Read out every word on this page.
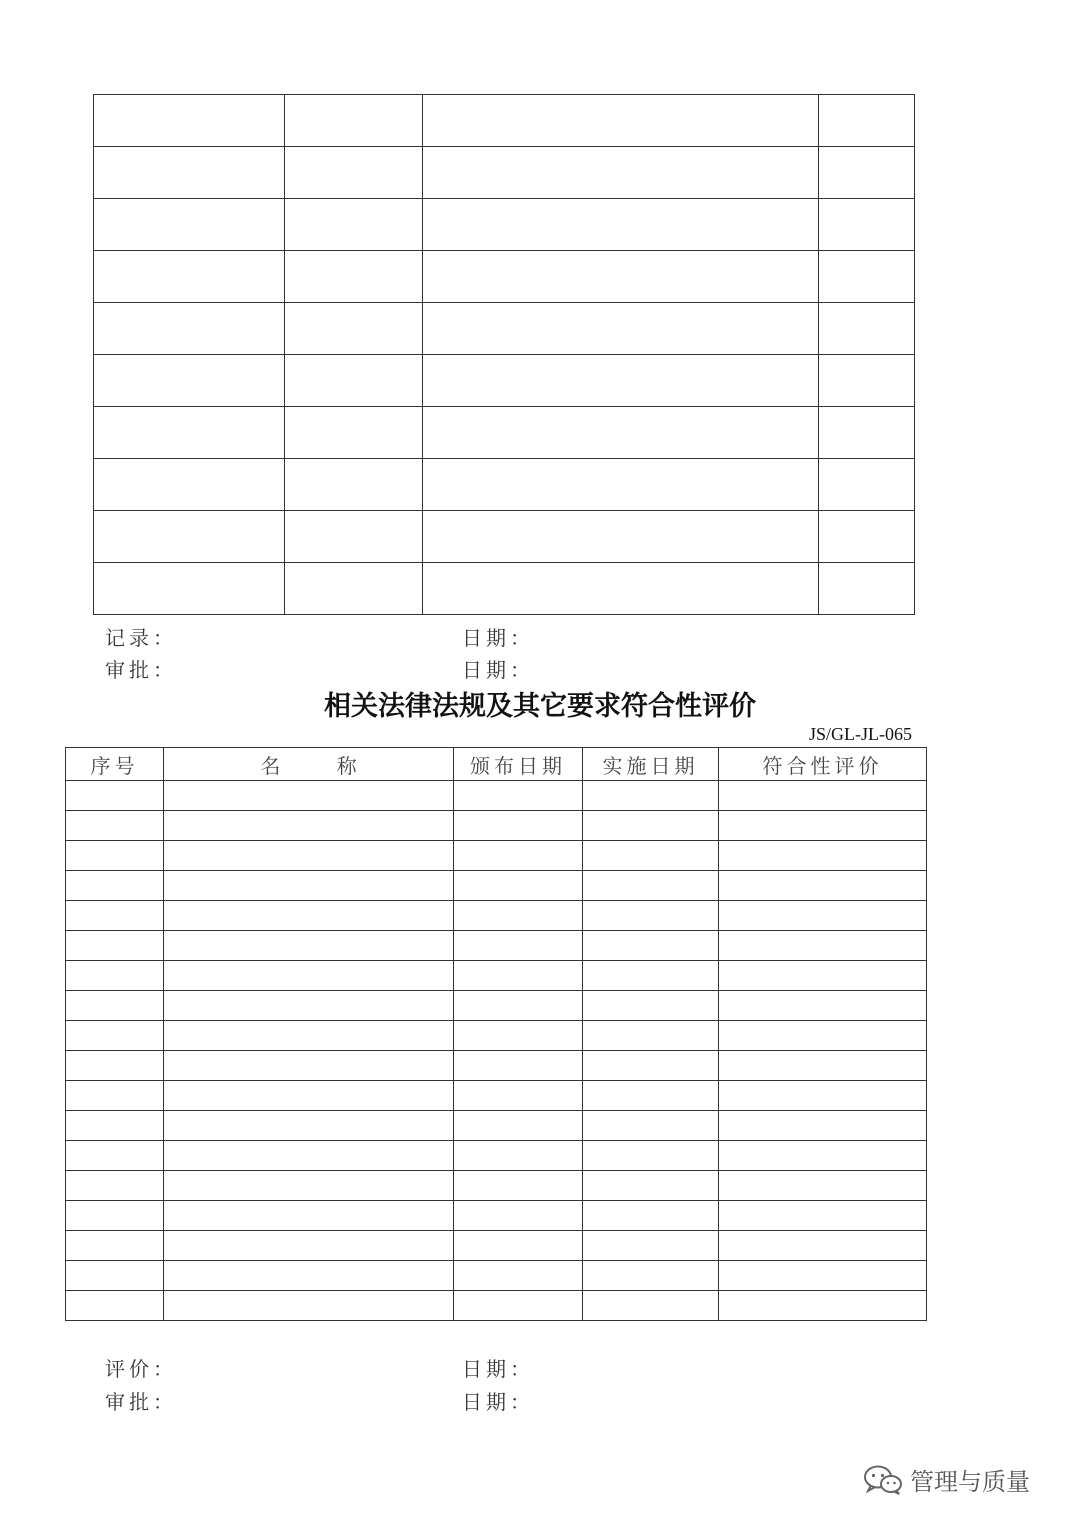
记录：	日期：
审批：	日期：
相关法律法规及其它要求符合性评价
JS/GL-JL-065
序号	名 称	颁布日期	实施日期	符合性评价

评价：	日期：
审批：	日期：
管理与质量
